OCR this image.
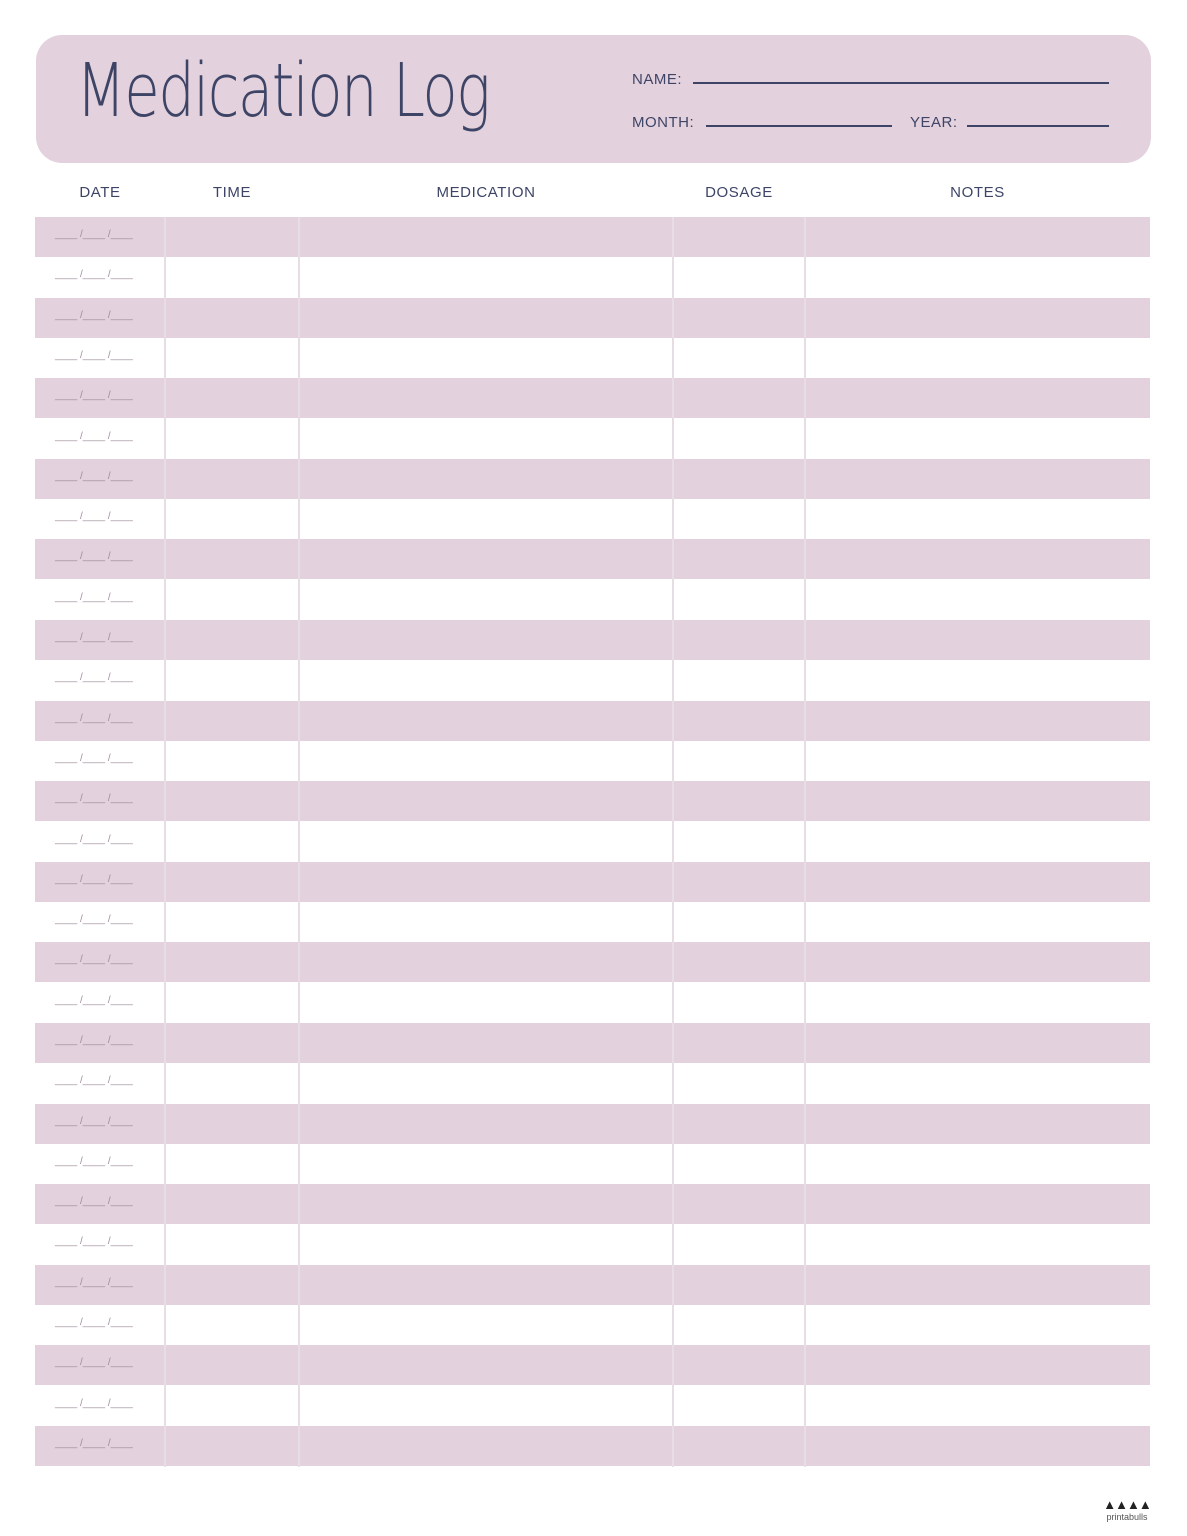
Medication Log	NAME:
MONTH:	YEAR:
DATE	TIME	MEDICATION	DOSAGE	NOTES
____ /____ /____
____ /____ /____
____ /____ /____
____ /____ /____
____ /____ /____
____ /____ /____
____ /____ /____
____ /____ /____
____ /____ /____
____ /____ /____
____ /____ /____
____ /____ /____
____ /____ /____
____ /____ /____
____ /____ /____
____ /____ /____
____ /____ /____
____ /____ /____
____ /____ /____
____ /____ /____
____ /____ /____
____ /____ /____
____ /____ /____
____ /____ /____
____ /____ /____
____ /____ /____
____ /____ /____
____ /____ /____
____ /____ /____
____ /____ /____
____ /____ /____
▲▲▲▲
printabulls
